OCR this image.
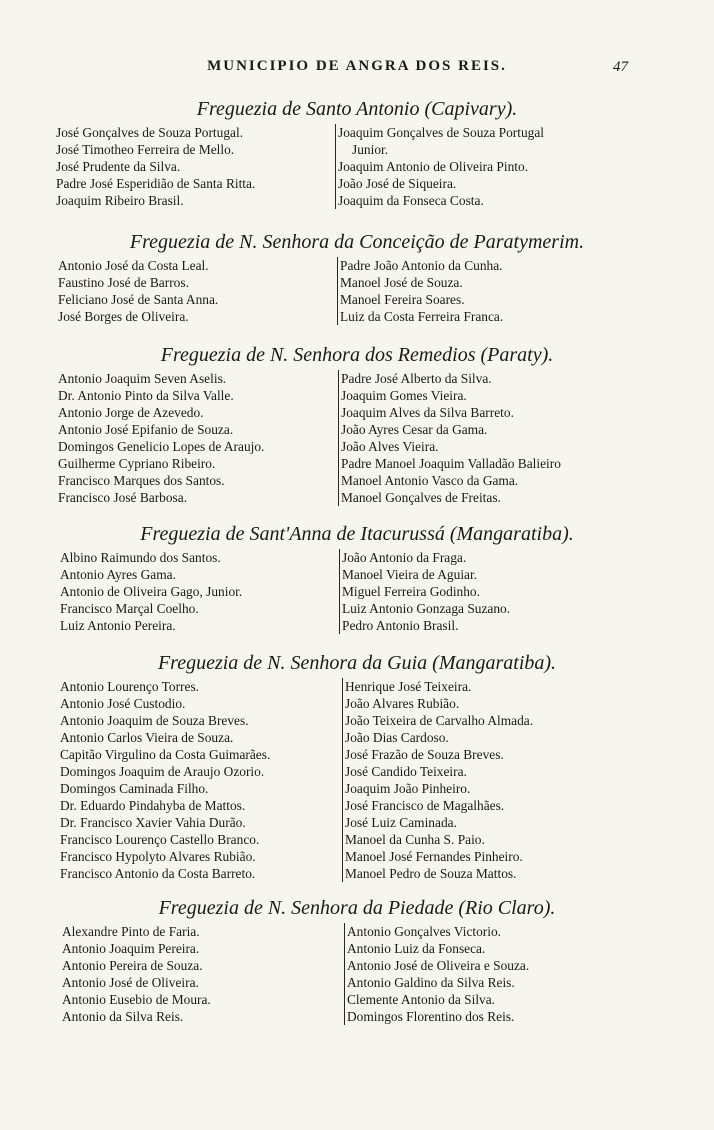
MUNICIPIO DE ANGRA DOS REIS.	47
Freguezia de Santo Antonio (Capivary).
José Gonçalves de Souza Portugal.
José Timotheo Ferreira de Mello.
José Prudente da Silva.
Padre José Esperidião de Santa Ritta.
Joaquim Ribeiro Brasil.
Joaquim Gonçalves de Souza Portugal
Junior.
Joaquim Antonio de Oliveira Pinto.
João José de Siqueira.
Joaquim da Fonseca Costa.
Freguezia de N. Senhora da Conceição de Paratymerim.
Antonio José da Costa Leal.
Faustino José de Barros.
Feliciano José de Santa Anna.
José Borges de Oliveira.
Padre João Antonio da Cunha.
Manoel José de Souza.
Manoel Fereira Soares.
Luiz da Costa Ferreira Franca.
Freguezia de N. Senhora dos Remedios (Paraty).
Antonio Joaquim Seven Aselis.
Dr. Antonio Pinto da Silva Valle.
Antonio Jorge de Azevedo.
Antonio José Epifanio de Souza.
Domingos Genelicio Lopes de Araujo.
Guilherme Cypriano Ribeiro.
Francisco Marques dos Santos.
Francisco José Barbosa.
Padre José Alberto da Silva.
Joaquim Gomes Vieira.
Joaquim Alves da Silva Barreto.
João Ayres Cesar da Gama.
João Alves Vieira.
Padre Manoel Joaquim Valladão Balieiro
Manoel Antonio Vasco da Gama.
Manoel Gonçalves de Freitas.
Freguezia de Sant'Anna de Itacurussá (Mangaratiba).
Albino Raimundo dos Santos.
Antonio Ayres Gama.
Antonio de Oliveira Gago, Junior.
Francisco Marçal Coelho.
Luiz Antonio Pereira.
João Antonio da Fraga.
Manoel Vieira de Aguiar.
Miguel Ferreira Godinho.
Luiz Antonio Gonzaga Suzano.
Pedro Antonio Brasil.
Freguezia de N. Senhora da Guia (Mangaratiba).
Antonio Lourenço Torres.
Antonio José Custodio.
Antonio Joaquim de Souza Breves.
Antonio Carlos Vieira de Souza.
Capitão Virgulino da Costa Guimarães.
Domingos Joaquim de Araujo Ozorio.
Domingos Caminada Filho.
Dr. Eduardo Pindahyba de Mattos.
Dr. Francisco Xavier Vahia Durão.
Francisco Lourenço Castello Branco.
Francisco Hypolyto Alvares Rubião.
Francisco Antonio da Costa Barreto.
Henrique José Teixeira.
João Alvares Rubião.
João Teixeira de Carvalho Almada.
João Dias Cardoso.
José Frazão de Souza Breves.
José Candido Teixeira.
Joaquim João Pinheiro.
José Francisco de Magalhães.
José Luiz Caminada.
Manoel da Cunha S. Paio.
Manoel José Fernandes Pinheiro.
Manoel Pedro de Souza Mattos.
Freguezia de N. Senhora da Piedade (Rio Claro).
Alexandre Pinto de Faria.
Antonio Joaquim Pereira.
Antonio Pereira de Souza.
Antonio José de Oliveira.
Antonio Eusebio de Moura.
Antonio da Silva Reis.
Antonio Gonçalves Victorio.
Antonio Luiz da Fonseca.
Antonio José de Oliveira e Souza.
Antonio Galdino da Silva Reis.
Clemente Antonio da Silva.
Domingos Florentino dos Reis.
